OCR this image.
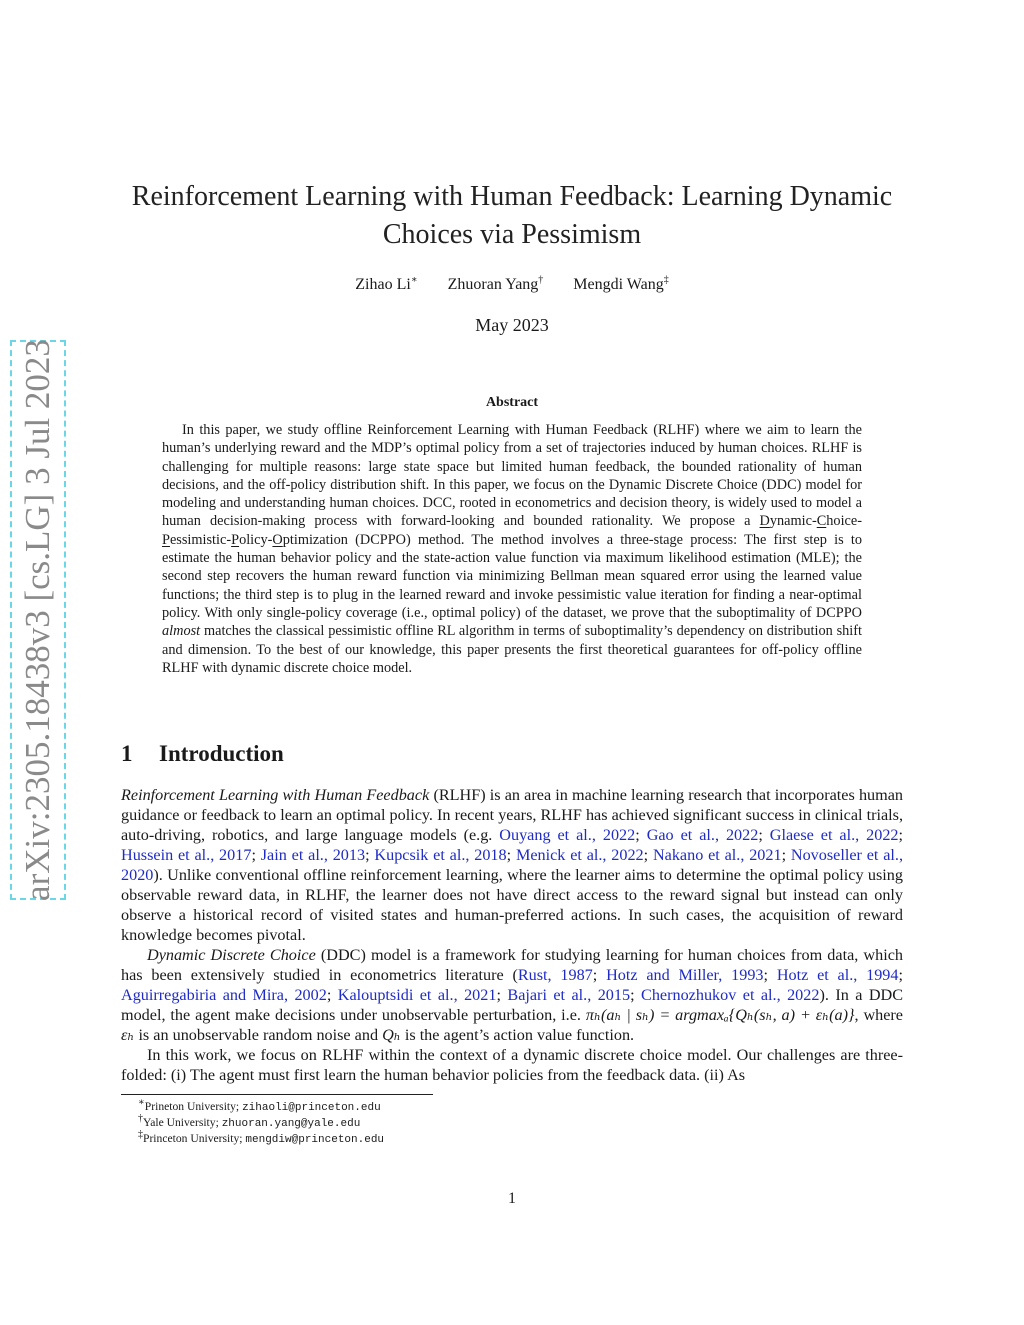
arXiv:2305.18438v3 [cs.LG] 3 Jul 2023
Reinforcement Learning with Human Feedback: Learning Dynamic Choices via Pessimism
Zihao Li∗ Zhuoran Yang† Mengdi Wang‡
May 2023
Abstract

In this paper, we study offline Reinforcement Learning with Human Feedback (RLHF) where we aim to learn the human’s underlying reward and the MDP’s optimal policy from a set of trajectories induced by human choices. RLHF is challenging for multiple reasons: large state space but limited human feedback, the bounded rationality of human decisions, and the off-policy distribution shift. In this paper, we focus on the Dynamic Discrete Choice (DDC) model for modeling and understanding human choices. DCC, rooted in econometrics and decision theory, is widely used to model a human decision-making process with forward-looking and bounded rationality. We propose a Dynamic-Choice-Pessimistic-Policy-Optimization (DCPPO) method. The method involves a three-stage process: The first step is to estimate the human behavior policy and the state-action value function via maximum likelihood estimation (MLE); the second step recovers the human reward function via minimizing Bellman mean squared error using the learned value functions; the third step is to plug in the learned reward and invoke pessimistic value iteration for finding a near-optimal policy. With only single-policy coverage (i.e., optimal policy) of the dataset, we prove that the suboptimality of DCPPO almost matches the classical pessimistic offline RL algorithm in terms of suboptimality’s dependency on distribution shift and dimension. To the best of our knowledge, this paper presents the first theoretical guarantees for off-policy offline RLHF with dynamic discrete choice model.

1 Introduction

Reinforcement Learning with Human Feedback (RLHF) is an area in machine learning research that incorporates human guidance or feedback to learn an optimal policy. In recent years, RLHF has achieved significant success in clinical trials, auto-driving, robotics, and large language models (e.g. Ouyang et al., 2022; Gao et al., 2022; Glaese et al., 2022; Hussein et al., 2017; Jain et al., 2013; Kupcsik et al., 2018; Menick et al., 2022; Nakano et al., 2021; Novoseller et al., 2020). Unlike conventional offline reinforcement learning, where the learner aims to determine the optimal policy using observable reward data, in RLHF, the learner does not have direct access to the reward signal but instead can only observe a historical record of visited states and human-preferred actions. In such cases, the acquisition of reward knowledge becomes pivotal.

Dynamic Discrete Choice (DDC) model is a framework for studying learning for human choices from data, which has been extensively studied in econometrics literature (Rust, 1987; Hotz and Miller, 1993; Hotz et al., 1994; Aguirregabiria and Mira, 2002; Kalouptsidi et al., 2021; Bajari et al., 2015; Chernozhukov et al., 2022). In a DDC model, the agent make decisions under unobservable perturbation, i.e. πₕ(aₕ | sₕ) = argmaxₐ{Qₕ(sₕ, a) + εₕ(a)}, where εₕ is an unobservable random noise and Qₕ is the agent’s action value function.

In this work, we focus on RLHF within the context of a dynamic discrete choice model. Our challenges are three-folded: (i) The agent must first learn the human behavior policies from the feedback data. (ii) As

∗Prineton University; zihaoli@princeton.edu
†Yale University; zhuoran.yang@yale.edu
‡Princeton University; mengdiw@princeton.edu
1
